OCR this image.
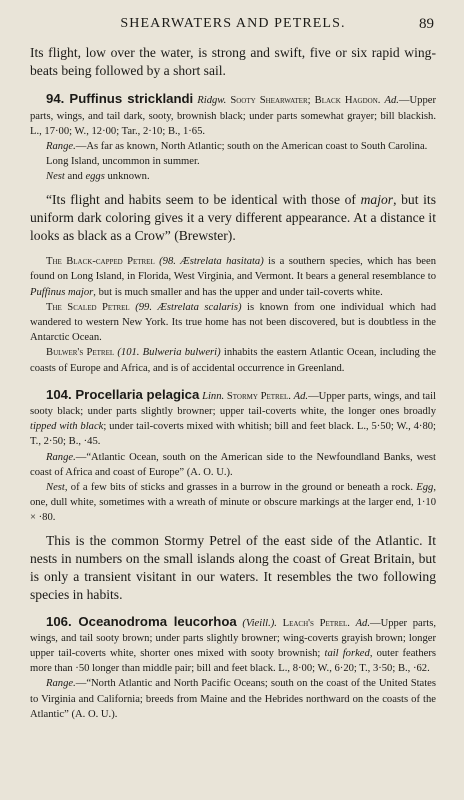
SHEARWATERS AND PETRELS.	89

Its flight, low over the water, is strong and swift, five or six rapid wing-beats being followed by a short sail.

94. Puffinus stricklandi Ridgw. Sooty Shearwater; Black Hagdon. Ad.—Upper parts, wings, and tail dark, sooty, brownish black; under parts somewhat grayer; bill blackish. L., 17·00; W., 12·00; Tar., 2·10; B., 1·65.

Range.—As far as known, North Atlantic; south on the American coast to South Carolina.

Long Island, uncommon in summer.

Nest and eggs unknown.

“Its flight and habits seem to be identical with those of major, but its uniform dark coloring gives it a very different appearance. At a distance it looks as black as a Crow” (Brewster).

The Black-capped Petrel (98. Æstrelata hasitata) is a southern species, which has been found on Long Island, in Florida, West Virginia, and Vermont. It bears a general resemblance to Puffinus major, but is much smaller and has the upper and under tail-coverts white.

The Scaled Petrel (99. Æstrelata scalaris) is known from one individual which had wandered to western New York. Its true home has not been discovered, but is doubtless in the Antarctic Ocean.

Bulwer's Petrel (101. Bulweria bulweri) inhabits the eastern Atlantic Ocean, including the coasts of Europe and Africa, and is of accidental occurrence in Greenland.

104. Procellaria pelagica Linn. Stormy Petrel. Ad.—Upper parts, wings, and tail sooty black; under parts slightly browner; upper tail-coverts white, the longer ones broadly tipped with black; under tail-coverts mixed with whitish; bill and feet black. L., 5·50; W., 4·80; T., 2·50; B., ·45.

Range.—“Atlantic Ocean, south on the American side to the Newfoundland Banks, west coast of Africa and coast of Europe” (A. O. U.).

Nest, of a few bits of sticks and grasses in a burrow in the ground or beneath a rock. Egg, one, dull white, sometimes with a wreath of minute or obscure markings at the larger end, 1·10 × ·80.

This is the common Stormy Petrel of the east side of the Atlantic. It nests in numbers on the small islands along the coast of Great Britain, but is only a transient visitant in our waters. It resembles the two following species in habits.

106. Oceanodroma leucorhoa (Vieill.). Leach's Petrel. Ad.—Upper parts, wings, and tail sooty brown; under parts slightly browner; wing-coverts grayish brown; longer upper tail-coverts white, shorter ones mixed with sooty brownish; tail forked, outer feathers more than ·50 longer than middle pair; bill and feet black. L., 8·00; W., 6·20; T., 3·50; B., ·62.

Range.—“North Atlantic and North Pacific Oceans; south on the coast of the United States to Virginia and California; breeds from Maine and the Hebrides northward on the coasts of the Atlantic” (A. O. U.).
